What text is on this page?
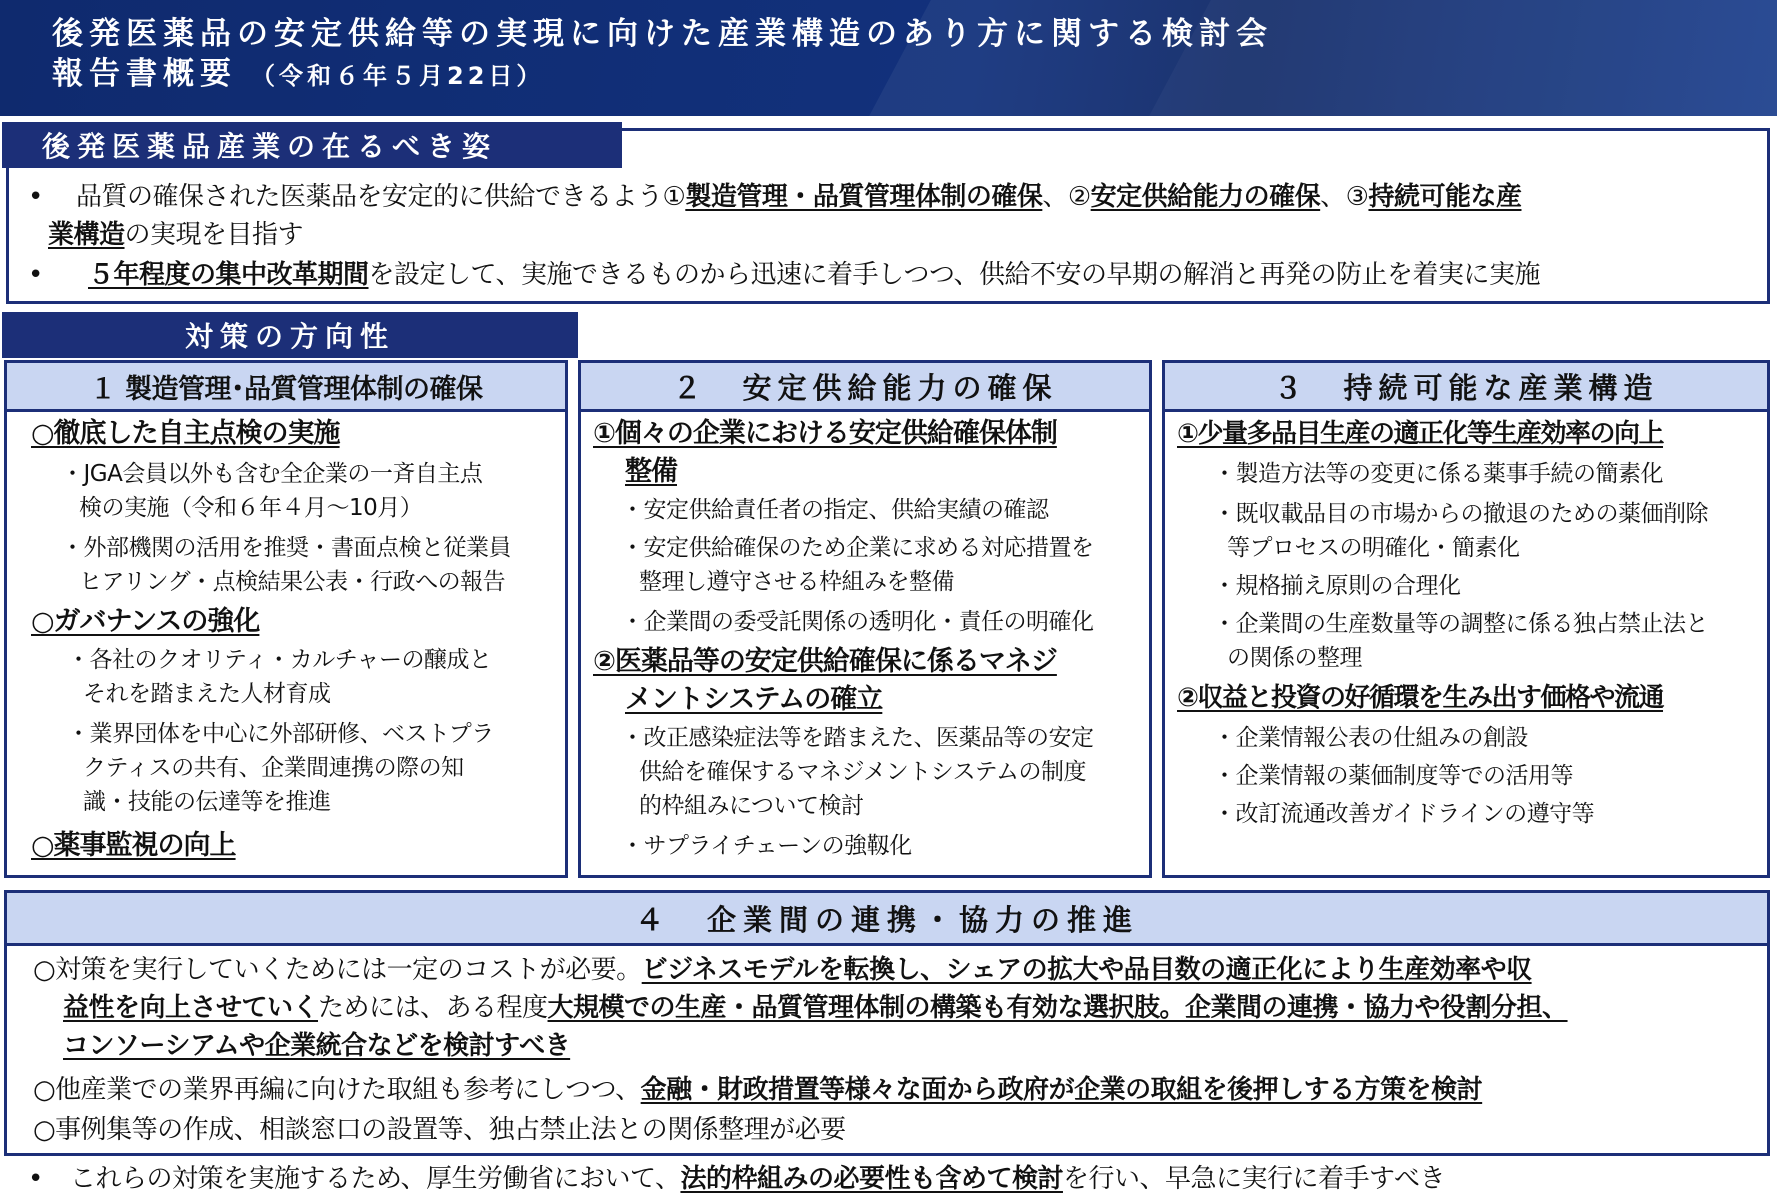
後発医薬品の安定供給等の実現に向けた産業構造のあり方に関する検討会
報告書概要 （令和６年５月22日）
後発医薬品産業の在るべき姿
• 品質の確保された医薬品を安定的に供給できるよう①製造管理・品質管理体制の確保、②安定供給能力の確保、③持続可能な産
業構造の実現を目指す
• ５年程度の集中改革期間を設定して、実施できるものから迅速に着手しつつ、供給不安の早期の解消と再発の防止を着実に実施
対策の方向性
１ 製造管理･品質管理体制の確保
○徹底した自主点検の実施
・JGA会員以外も含む全企業の一斉自主点
検の実施（令和６年４月～10月）
・外部機関の活用を推奨・書面点検と従業員
ヒアリング・点検結果公表・行政への報告
○ガバナンスの強化
・各社のクオリティ・カルチャーの醸成と
それを踏まえた人材育成
・業界団体を中心に外部研修、ベストプラ
クティスの共有、企業間連携の際の知
識・技能の伝達等を推進
○薬事監視の向上
２　安定供給能力の確保
①個々の企業における安定供給確保体制
整備
・安定供給責任者の指定、供給実績の確認
・安定供給確保のため企業に求める対応措置を
整理し遵守させる枠組みを整備
・企業間の委受託関係の透明化・責任の明確化
②医薬品等の安定供給確保に係るマネジ
メントシステムの確立
・改正感染症法等を踏まえた、医薬品等の安定
供給を確保するマネジメントシステムの制度
的枠組みについて検討
・サプライチェーンの強靱化
３　持続可能な産業構造
①少量多品目生産の適正化等生産効率の向上
・製造方法等の変更に係る薬事手続の簡素化
・既収載品目の市場からの撤退のための薬価削除
等プロセスの明確化・簡素化
・規格揃え原則の合理化
・企業間の生産数量等の調整に係る独占禁止法と
の関係の整理
②収益と投資の好循環を生み出す価格や流通
・企業情報公表の仕組みの創設
・企業情報の薬価制度等での活用等
・改訂流通改善ガイドラインの遵守等
４　企業間の連携・協力の推進
○対策を実行していくためには一定のコストが必要。ビジネスモデルを転換し、シェアの拡大や品目数の適正化により生産効率や収
益性を向上させていくためには、ある程度大規模での生産・品質管理体制の構築も有効な選択肢。企業間の連携・協力や役割分担、
コンソーシアムや企業統合などを検討すべき
○他産業での業界再編に向けた取組も参考にしつつ、金融・財政措置等様々な面から政府が企業の取組を後押しする方策を検討
○事例集等の作成、相談窓口の設置等、独占禁止法との関係整理が必要
• これらの対策を実施するため、厚生労働省において、法的枠組みの必要性も含めて検討を行い、早急に実行に着手すべき
